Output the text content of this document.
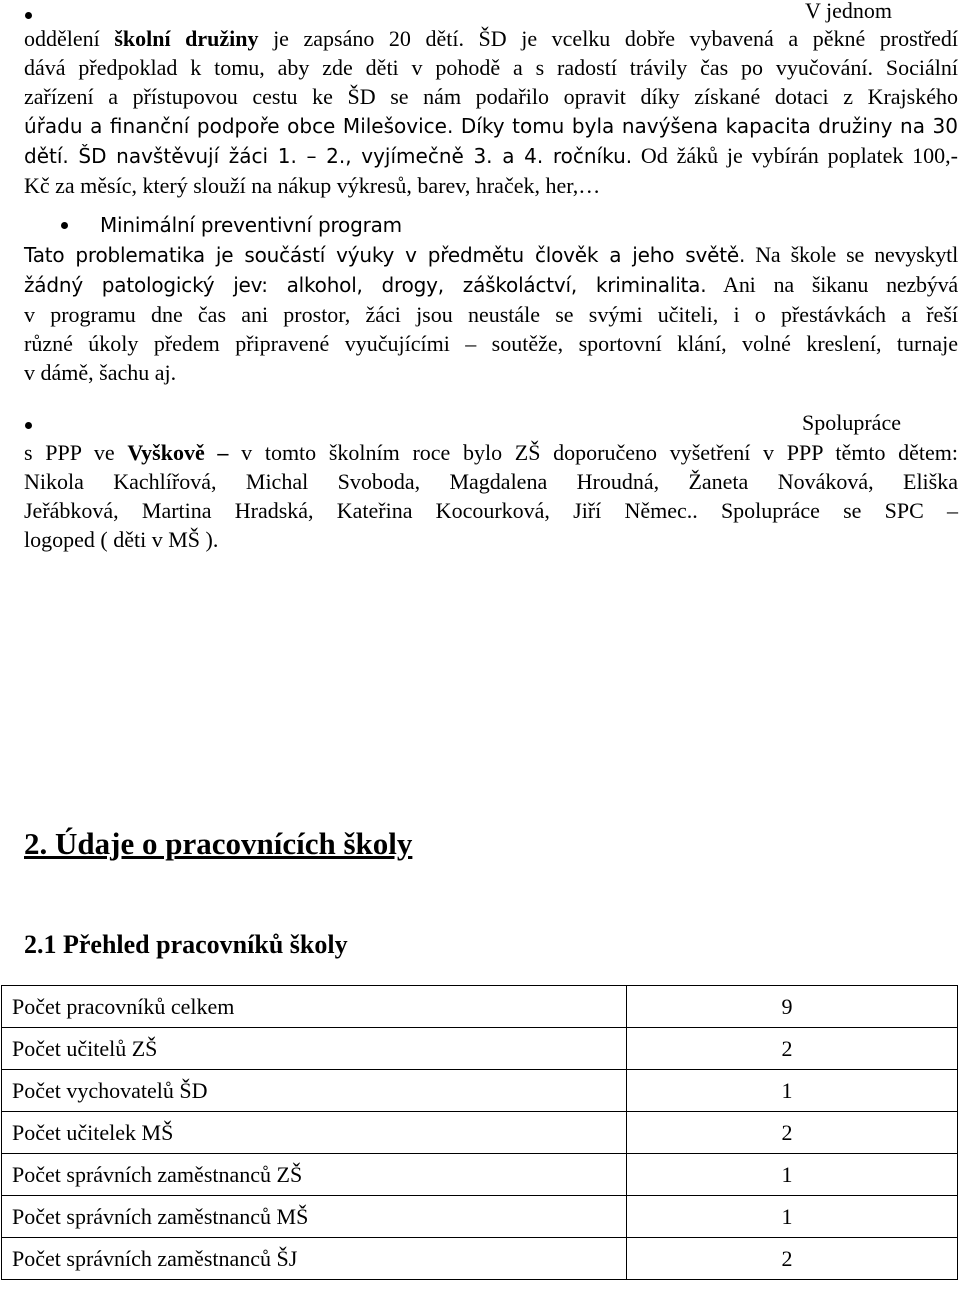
V jednom
oddělení školní družiny je zapsáno 20 dětí. ŠD je vcelku dobře vybavená a pěkné prostředí
dává předpoklad k tomu, aby zde děti v pohodě a s radostí trávily čas po vyučování. Sociální
zařízení a přístupovou cestu ke ŠD se nám podařilo opravit díky získané dotaci z Krajského
úřadu a finanční podpoře obce Milešovice. Díky tomu byla navýšena kapacita družiny na 30
dětí. ŠD navštěvují žáci 1. – 2., vyjímečně 3. a 4. ročníku. Od žáků je vybírán poplatek 100,-
Kč za měsíc, který slouží na nákup výkresů, barev, hraček, her,…
Minimální preventivní program
Tato problematika je součástí výuky v předmětu člověk a jeho světě. Na škole se nevyskytl
žádný patologický jev: alkohol, drogy, záškoláctví, kriminalita. Ani na šikanu nezbývá
v programu dne čas ani prostor, žáci jsou neustále se svými učiteli, i o přestávkách a řeší
různé úkoly předem připravené vyučujícími – soutěže, sportovní klání, volné kreslení, turnaje
v dámě, šachu aj.
Spolupráce
s PPP ve Vyškově – v tomto školním roce bylo ZŠ doporučeno vyšetření v PPP těmto dětem:
Nikola Kachlířová, Michal Svoboda, Magdalena Hroudná, Žaneta Nováková, Eliška
Jeřábková, Martina Hradská, Kateřina Kocourková, Jiří Němec.. Spolupráce se SPC –
logoped ( děti v MŠ ).
2. Údaje o pracovnících školy
2.1 Přehled pracovníků školy
Počet pracovníků celkem	9
Počet učitelů ZŠ	2
Počet vychovatelů ŠD	1
Počet učitelek MŠ	2
Počet správních zaměstnanců ZŠ	1
Počet správních zaměstnanců MŠ	1
Počet správních zaměstnanců ŠJ	2
